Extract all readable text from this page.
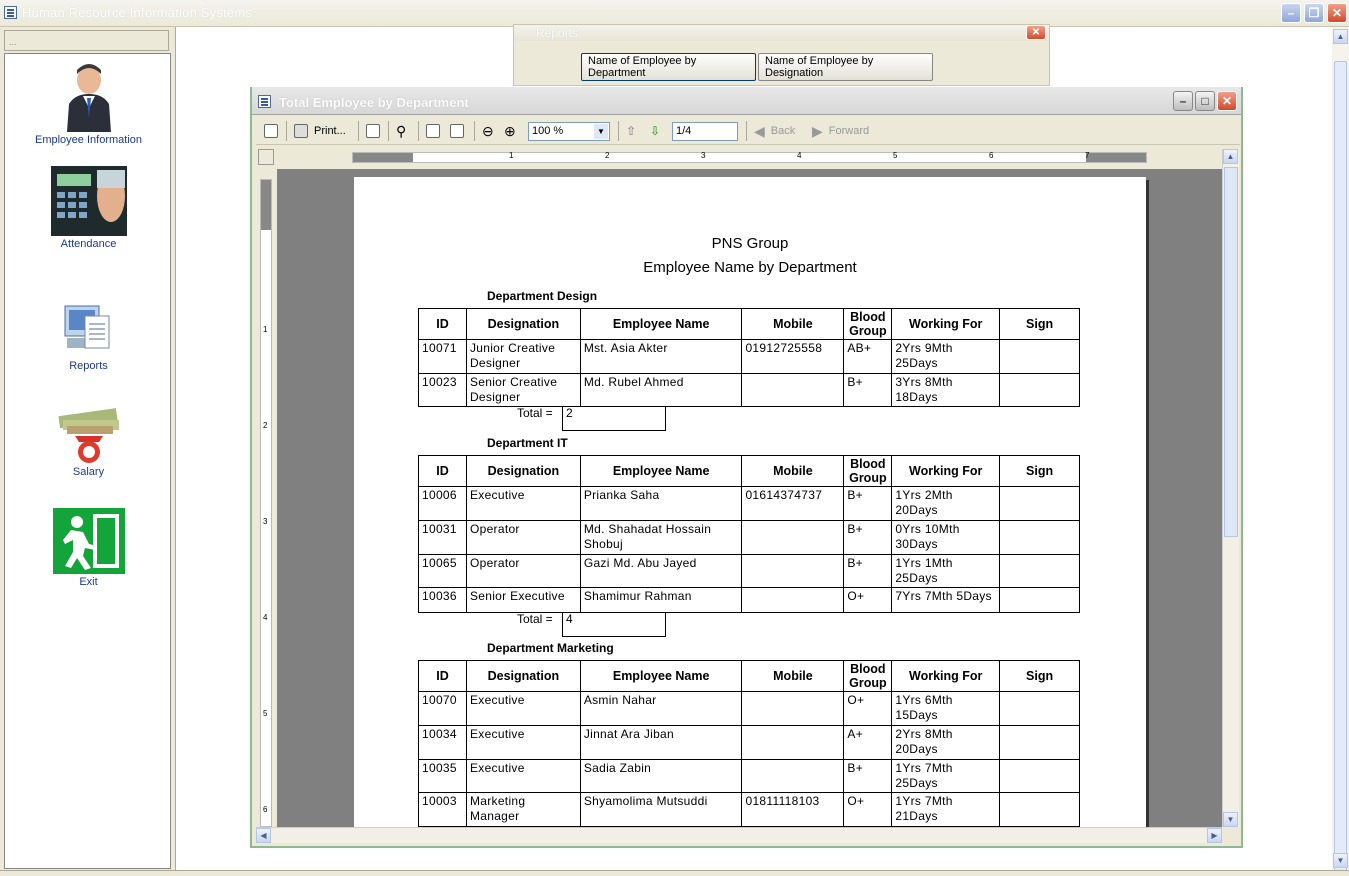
Human Resource Information Systems	–	❐	✕
...
Employee Information
Attendance
Reports
Salary
Exit
Reports	✕
Name of Employee by Department
Name of Employee by Designation
Total Employee by Department	–	□	✕
Print...	⚲	⊖ ⊕	100 %	▼ ⇧ ⇩	1/4	◀ Back ▶ Forward
1	2	3	4	5	6	7
1
2
3
4
5
6
PNS Group
Employee Name by Department
Department Design
ID	Designation	Employee Name	Mobile	Blood Group	Working For	Sign
10071	Junior Creative Designer	Mst. Asia Akter	01912725558	AB+	2Yrs 9Mth 25Days	
10023	Senior Creative Designer	Md. Rubel Ahmed		B+	3Yrs 8Mth 18Days	
Total =	2
Department IT
ID	Designation	Employee Name	Mobile	Blood Group	Working For	Sign
10006	Executive	Prianka Saha	01614374737	B+	1Yrs 2Mth 20Days	
10031	Operator	Md. Shahadat Hossain Shobuj		B+	0Yrs 10Mth 30Days	
10065	Operator	Gazi Md. Abu Jayed		B+	1Yrs 1Mth 25Days	
10036	Senior Executive	Shamimur Rahman		O+	7Yrs 7Mth 5Days	
Total =	4
Department Marketing
ID	Designation	Employee Name	Mobile	Blood Group	Working For	Sign
10070	Executive	Asmin Nahar		O+	1Yrs 6Mth 15Days	
10034	Executive	Jinnat Ara Jiban		A+	2Yrs 8Mth 20Days	
10035	Executive	Sadia Zabin		B+	1Yrs 7Mth 25Days	
10003	Marketing Manager	Shyamolima Mutsuddi	01811118103	O+	1Yrs 7Mth 21Days	
▲
▼
◀	▶
▲
▼
